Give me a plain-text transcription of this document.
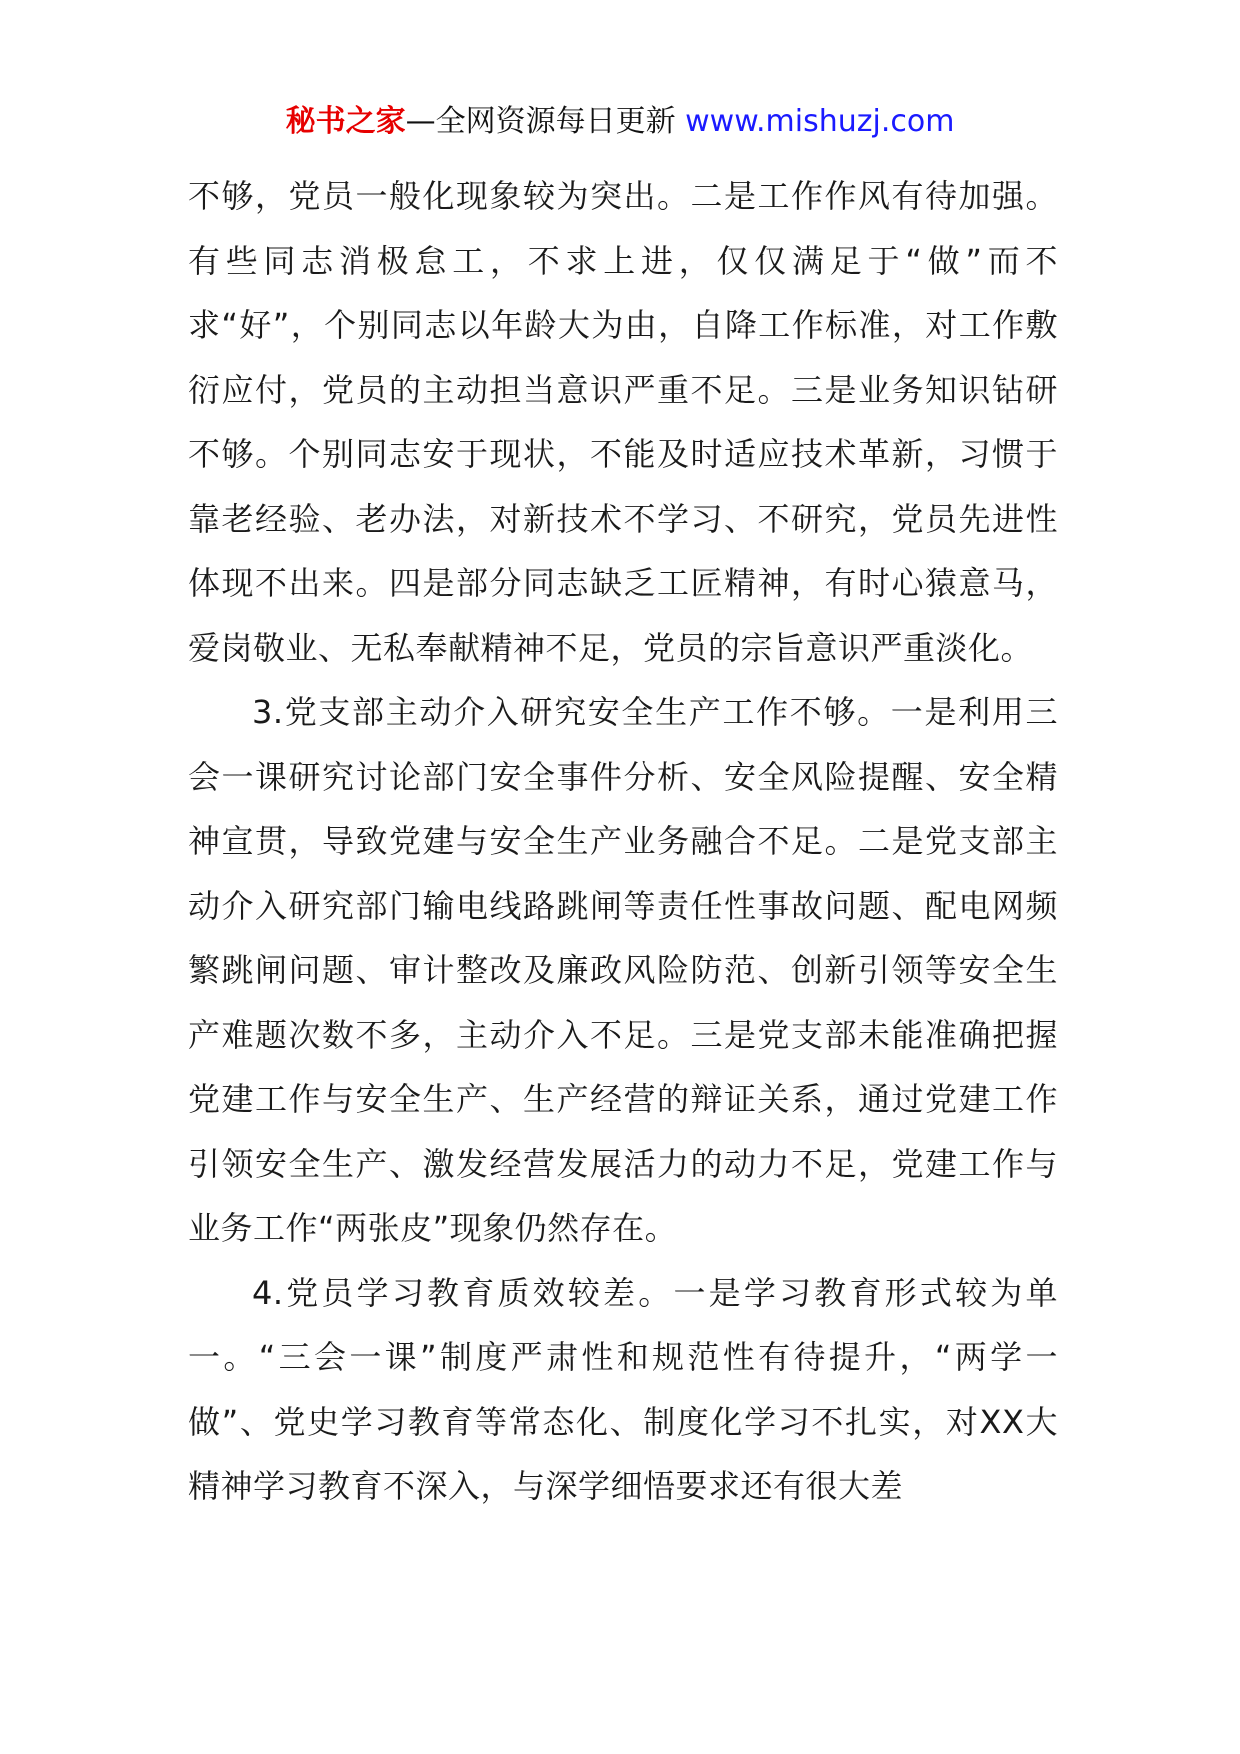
秘书之家—全网资源每日更新 www.mishuzj.com

不够，党员一般化现象较为突出。二是工作作风有待加强。有些同志消极怠工，不求上进，仅仅满足于“做”而不求“好”，个别同志以年龄大为由，自降工作标准，对工作敷衍应付，党员的主动担当意识严重不足。三是业务知识钻研不够。个别同志安于现状，不能及时适应技术革新，习惯于靠老经验、老办法，对新技术不学习、不研究，党员先进性体现不出来。四是部分同志缺乏工匠精神，有时心猿意马，爱岗敬业、无私奉献精神不足，党员的宗旨意识严重淡化。

3.党支部主动介入研究安全生产工作不够。一是利用三会一课研究讨论部门安全事件分析、安全风险提醒、安全精神宣贯，导致党建与安全生产业务融合不足。二是党支部主动介入研究部门输电线路跳闸等责任性事故问题、配电网频繁跳闸问题、审计整改及廉政风险防范、创新引领等安全生产难题次数不多，主动介入不足。三是党支部未能准确把握党建工作与安全生产、生产经营的辩证关系，通过党建工作引领安全生产、激发经营发展活力的动力不足，党建工作与业务工作“两张皮”现象仍然存在。

4.党员学习教育质效较差。一是学习教育形式较为单一。“三会一课”制度严肃性和规范性有待提升，“两学一做”、党史学习教育等常态化、制度化学习不扎实，对XX大精神学习教育不深入，与深学细悟要求还有很大差
